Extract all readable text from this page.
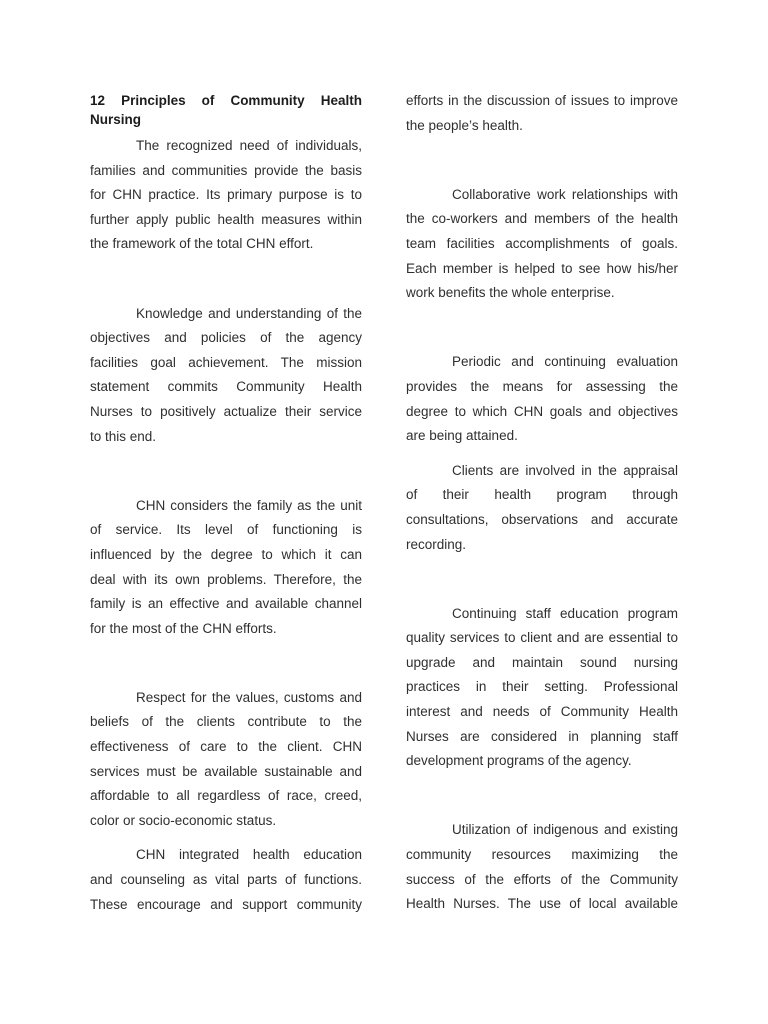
12 Principles of Community Health
Nursing
The recognized need of individuals,
families and communities provide the basis
for CHN practice. Its primary purpose is to
further apply public health measures within
the framework of the total CHN effort.
Knowledge and understanding of the
objectives and policies of the agency
facilities goal achievement. The mission
statement commits Community Health
Nurses to positively actualize their service
to this end.
CHN considers the family as the unit
of service. Its level of functioning is
influenced by the degree to which it can
deal with its own problems. Therefore, the
family is an effective and available channel
for the most of the CHN efforts.
Respect for the values, customs and
beliefs of the clients contribute to the
effectiveness of care to the client. CHN
services must be available sustainable and
affordable to all regardless of race, creed,
color or socio-economic status.
CHN integrated health education
and counseling as vital parts of functions.
These encourage and support community
efforts in the discussion of issues to improve
the people’s health.
Collaborative work relationships with
the co-workers and members of the health
team facilities accomplishments of goals.
Each member is helped to see how his/her
work benefits the whole enterprise.
Periodic and continuing evaluation
provides the means for assessing the
degree to which CHN goals and objectives
are being attained.
Clients are involved in the appraisal
of their health program through
consultations, observations and accurate
recording.
Continuing staff education program
quality services to client and are essential to
upgrade and maintain sound nursing
practices in their setting. Professional
interest and needs of Community Health
Nurses are considered in planning staff
development programs of the agency.
Utilization of indigenous and existing
community resources maximizing the
success of the efforts of the Community
Health Nurses. The use of local available
